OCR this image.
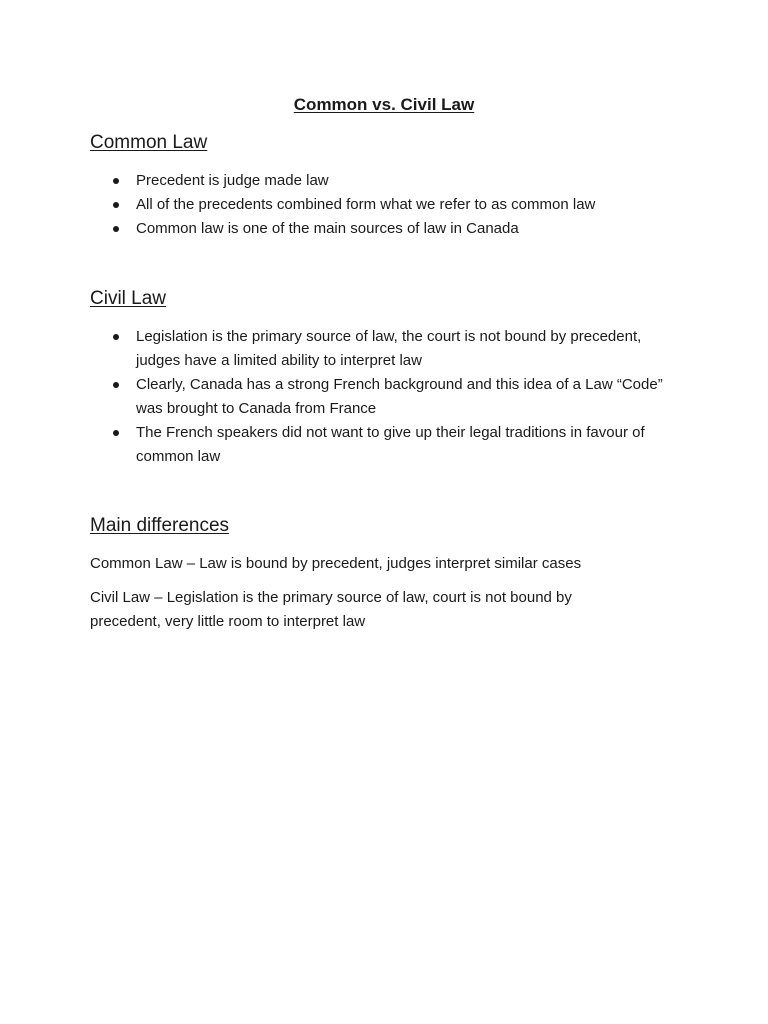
Common vs. Civil Law
Common Law
Precedent is judge made law
All of the precedents combined form what we refer to as common law
Common law is one of the main sources of law in Canada
Civil Law
Legislation is the primary source of law, the court is not bound by precedent, judges have a limited ability to interpret law
Clearly, Canada has a strong French background and this idea of a Law “Code” was brought to Canada from France
The French speakers did not want to give up their legal traditions in favour of common law
Main differences

Common Law – Law is bound by precedent, judges interpret similar cases

Civil Law – Legislation is the primary source of law, court is not bound by precedent, very little room to interpret law
